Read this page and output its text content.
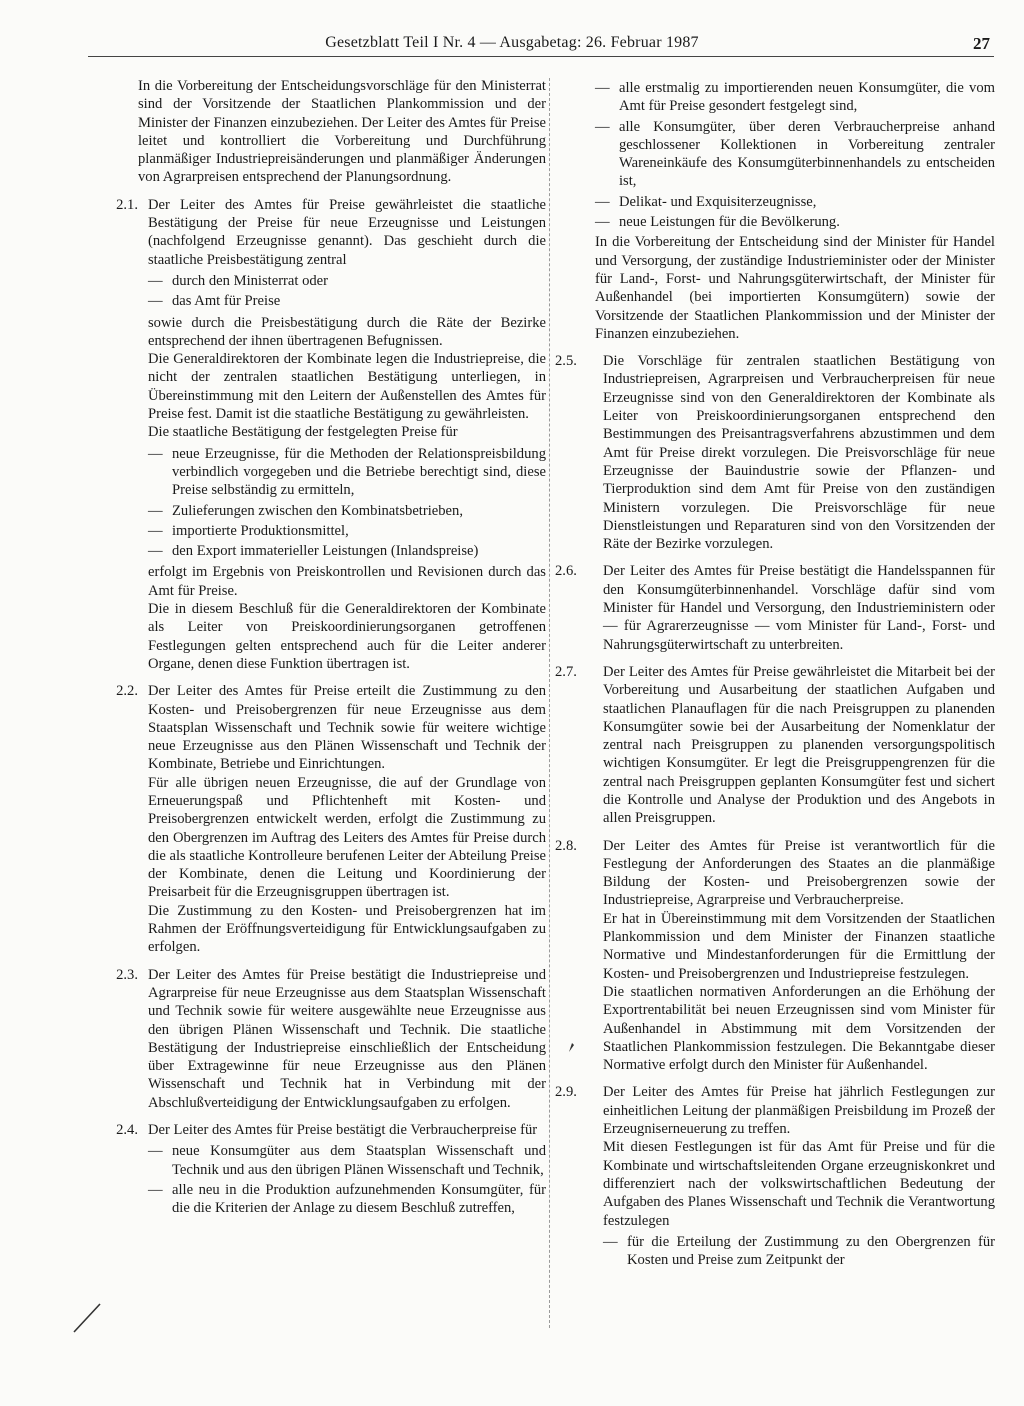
Gesetzblatt Teil I Nr. 4 — Ausgabetag: 26. Februar 1987	27

In die Vorbereitung der Entscheidungsvorschläge für den Ministerrat sind der Vorsitzende der Staatlichen Plankommission und der Minister der Finanzen einzubeziehen. Der Leiter des Amtes für Preise leitet und kontrolliert die Vorbereitung und Durchführung planmäßiger Industriepreisänderungen und planmäßiger Änderungen von Agrarpreisen entsprechend der Planungsordnung.

2.1. Der Leiter des Amtes für Preise gewährleistet die staatliche Bestätigung der Preise für neue Erzeugnisse und Leistungen (nachfolgend Erzeugnisse genannt). Das geschieht durch die staatliche Preisbestätigung zentral

— durch den Ministerrat oder
— das Amt für Preise

sowie durch die Preisbestätigung durch die Räte der Bezirke entsprechend der ihnen übertragenen Befugnissen.

Die Generaldirektoren der Kombinate legen die Industriepreise, die nicht der zentralen staatlichen Bestätigung unterliegen, in Übereinstimmung mit den Leitern der Außenstellen des Amtes für Preise fest. Damit ist die staatliche Bestätigung zu gewährleisten.

Die staatliche Bestätigung der festgelegten Preise für

— neue Erzeugnisse, für die Methoden der Relationspreisbildung verbindlich vorgegeben und die Betriebe berechtigt sind, diese Preise selbständig zu ermitteln,
— Zulieferungen zwischen den Kombinatsbetrieben,
— importierte Produktionsmittel,
— den Export immaterieller Leistungen (Inlandspreise)

erfolgt im Ergebnis von Preiskontrollen und Revisionen durch das Amt für Preise.

Die in diesem Beschluß für die Generaldirektoren der Kombinate als Leiter von Preiskoordinierungsorganen getroffenen Festlegungen gelten entsprechend auch für die Leiter anderer Organe, denen diese Funktion übertragen ist.

2.2. Der Leiter des Amtes für Preise erteilt die Zustimmung zu den Kosten- und Preisobergrenzen für neue Erzeugnisse aus dem Staatsplan Wissenschaft und Technik sowie für weitere wichtige neue Erzeugnisse aus den Plänen Wissenschaft und Technik der Kombinate, Betriebe und Einrichtungen.

Für alle übrigen neuen Erzeugnisse, die auf der Grundlage von Erneuerungspaß und Pflichtenheft mit Kosten- und Preisobergrenzen entwickelt werden, erfolgt die Zustimmung zu den Obergrenzen im Auftrag des Leiters des Amtes für Preise durch die als staatliche Kontrolleure berufenen Leiter der Abteilung Preise der Kombinate, denen die Leitung und Koordinierung der Preisarbeit für die Erzeugnisgruppen übertragen ist.

Die Zustimmung zu den Kosten- und Preisobergrenzen hat im Rahmen der Eröffnungsverteidigung für Entwicklungsaufgaben zu erfolgen.

2.3. Der Leiter des Amtes für Preise bestätigt die Industriepreise und Agrarpreise für neue Erzeugnisse aus dem Staatsplan Wissenschaft und Technik sowie für weitere ausgewählte neue Erzeugnisse aus den übrigen Plänen Wissenschaft und Technik. Die staatliche Bestätigung der Industriepreise einschließlich der Entscheidung über Extragewinne für neue Erzeugnisse aus den Plänen Wissenschaft und Technik hat in Verbindung mit der Abschlußverteidigung der Entwicklungsaufgaben zu erfolgen.

2.4. Der Leiter des Amtes für Preise bestätigt die Verbraucherpreise für

— neue Konsumgüter aus dem Staatsplan Wissenschaft und Technik und aus den übrigen Plänen Wissenschaft und Technik,
— alle neu in die Produktion aufzunehmenden Konsumgüter, für die die Kriterien der Anlage zu diesem Beschluß zutreffen,
— alle erstmalig zu importierenden neuen Konsumgüter, die vom Amt für Preise gesondert festgelegt sind,
— alle Konsumgüter, über deren Verbraucherpreise anhand geschlossener Kollektionen in Vorbereitung zentraler Wareneinkäufe des Konsumgüterbinnenhandels zu entscheiden ist,
— Delikat- und Exquisiterzeugnisse,
— neue Leistungen für die Bevölkerung.

In die Vorbereitung der Entscheidung sind der Minister für Handel und Versorgung, der zuständige Industrieminister oder der Minister für Land-, Forst- und Nahrungsgüterwirtschaft, der Minister für Außenhandel (bei importierten Konsumgütern) sowie der Vorsitzende der Staatlichen Plankommission und der Minister der Finanzen einzubeziehen.

2.5.	Die Vorschläge für zentralen staatlichen Bestätigung von Industriepreisen, Agrarpreisen und Verbraucherpreisen für neue Erzeugnisse sind von den Generaldirektoren der Kombinate als Leiter von Preiskoordinierungsorganen entsprechend den Bestimmungen des Preisantragsverfahrens abzustimmen und dem Amt für Preise direkt vorzulegen. Die Preisvorschläge für neue Erzeugnisse der Bauindustrie sowie der Pflanzen- und Tierproduktion sind dem Amt für Preise von den zuständigen Ministern vorzulegen. Die Preisvorschläge für neue Dienstleistungen und Reparaturen sind von den Vorsitzenden der Räte der Bezirke vorzulegen.

2.6.	Der Leiter des Amtes für Preise bestätigt die Handelsspannen für den Konsumgüterbinnenhandel. Vorschläge dafür sind vom Minister für Handel und Versorgung, den Industrieministern oder — für Agrarerzeugnisse — vom Minister für Land-, Forst- und Nahrungsgüterwirtschaft zu unterbreiten.

2.7.	Der Leiter des Amtes für Preise gewährleistet die Mitarbeit bei der Vorbereitung und Ausarbeitung der staatlichen Aufgaben und staatlichen Planauflagen für die nach Preisgruppen zu planenden Konsumgüter sowie bei der Ausarbeitung der Nomenklatur der zentral nach Preisgruppen zu planenden versorgungspolitisch wichtigen Konsumgüter. Er legt die Preisgruppengrenzen für die zentral nach Preisgruppen geplanten Konsumgüter fest und sichert die Kontrolle und Analyse der Produktion und des Angebots in allen Preisgruppen.

2.8.	Der Leiter des Amtes für Preise ist verantwortlich für die Festlegung der Anforderungen des Staates an die planmäßige Bildung der Kosten- und Preisobergrenzen sowie der Industriepreise, Agrarpreise und Verbraucherpreise.

Er hat in Übereinstimmung mit dem Vorsitzenden der Staatlichen Plankommission und dem Minister der Finanzen staatliche Normative und Mindestanforderungen für die Ermittlung der Kosten- und Preisobergrenzen und Industriepreise festzulegen.

Die staatlichen normativen Anforderungen an die Erhöhung der Exportrentabilität bei neuen Erzeugnissen sind vom Minister für Außenhandel in Abstimmung mit dem Vorsitzenden der Staatlichen Plankommission festzulegen. Die Bekanntgabe dieser Normative erfolgt durch den Minister für Außenhandel.

2.9.	Der Leiter des Amtes für Preise hat jährlich Festlegungen zur einheitlichen Leitung der planmäßigen Preisbildung im Prozeß der Erzeugniserneuerung zu treffen.

Mit diesen Festlegungen ist für das Amt für Preise und für die Kombinate und wirtschaftsleitenden Organe erzeugniskonkret und differenziert nach der volkswirtschaftlichen Bedeutung der Aufgaben des Planes Wissenschaft und Technik die Verantwortung festzulegen

— für die Erteilung der Zustimmung zu den Obergrenzen für Kosten und Preise zum Zeitpunkt der
